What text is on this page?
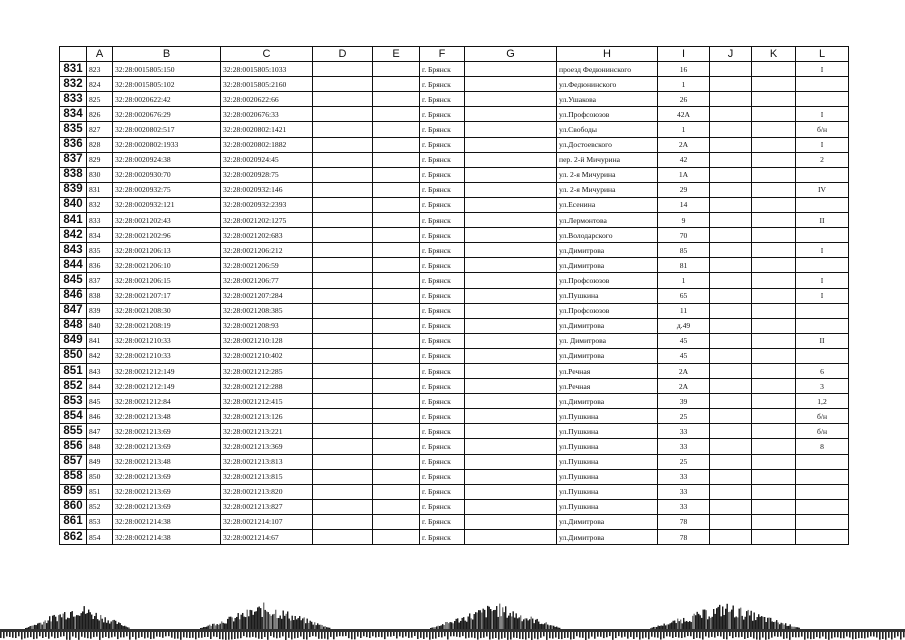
	A	B	C	D	E	F	G	H	I	J	K	L
831	823	32:28:0015805:150	32:28:0015805:1033			г. Брянск		проезд Федюнинского	16			I
832	824	32:28:0015805:102	32:28:0015805:2160			г. Брянск		ул.Федюнинского	1			
833	825	32:28:0020622:42	32:28:0020622:66			г. Брянск		ул.Ушакова	26			
834	826	32:28:0020676:29	32:28:0020676:33			г. Брянск		ул.Профсоюзов	42А			I
835	827	32:28:0020802:517	32:28:0020802:1421			г. Брянск		ул.Свободы	1			б/н
836	828	32:28:0020802:1933	32:28:0020802:1882			г. Брянск		ул.Достоевского	2А			I
837	829	32:28:0020924:38	32:28:0020924:45			г. Брянск		пер. 2-й Мичурина	42			2
838	830	32:28:0020930:70	32:28:0020928:75			г. Брянск		ул. 2-я Мичурина	1А			
839	831	32:28:0020932:75	32:28:0020932:146			г. Брянск		ул. 2-я Мичурина	29			IV
840	832	32:28:0020932:121	32:28:0020932:2393			г. Брянск		ул.Есенина	14			
841	833	32:28:0021202:43	32:28:0021202:1275			г. Брянск		ул.Лермонтова	9			II
842	834	32:28:0021202:96	32:28:0021202:683			г. Брянск		ул.Володарского	70			
843	835	32:28:0021206:13	32:28:0021206:212			г. Брянск		ул.Димитрова	85			I
844	836	32:28:0021206:10	32:28:0021206:59			г. Брянск		ул.Димитрова	81			
845	837	32:28:0021206:15	32:28:0021206:77			г. Брянск		ул.Профсоюзов	1			I
846	838	32:28:0021207:17	32:28:0021207:284			г. Брянск		ул.Пушкина	65			I
847	839	32:28:0021208:30	32:28:0021208:385			г. Брянск		ул.Профсоюзов	11			
848	840	32:28:0021208:19	32:28:0021208:93			г. Брянск		ул.Димитрова	д.49			
849	841	32:28:0021210:33	32:28:0021210:128			г. Брянск		ул. Димитрова	45			II
850	842	32:28:0021210:33	32:28:0021210:402			г. Брянск		ул.Димитрова	45			
851	843	32:28:0021212:149	32:28:0021212:285			г. Брянск		ул.Речная	2А			6
852	844	32:28:0021212:149	32:28:0021212:288			г. Брянск		ул.Речная	2А			3
853	845	32:28:0021212:84	32:28:0021212:415			г. Брянск		ул.Димитрова	39			1,2
854	846	32:28:0021213:48	32:28:0021213:126			г. Брянск		ул.Пушкина	25			б/н
855	847	32:28:0021213:69	32:28:0021213:221			г. Брянск		ул.Пушкина	33			б/н
856	848	32:28:0021213:69	32:28:0021213:369			г. Брянск		ул.Пушкина	33			8
857	849	32:28:0021213:48	32:28:0021213:813			г. Брянск		ул.Пушкина	25			
858	850	32:28:0021213:69	32:28:0021213:815			г. Брянск		ул.Пушкина	33			
859	851	32:28:0021213:69	32:28:0021213:820			г. Брянск		ул.Пушкина	33			
860	852	32:28:0021213:69	32:28:0021213:827			г. Брянск		ул.Пушкина	33			
861	853	32:28:0021214:38	32:28:0021214:107			г. Брянск		ул.Димитрова	78			
862	854	32:28:0021214:38	32:28:0021214:67			г. Брянск		ул.Димитрова	78			
